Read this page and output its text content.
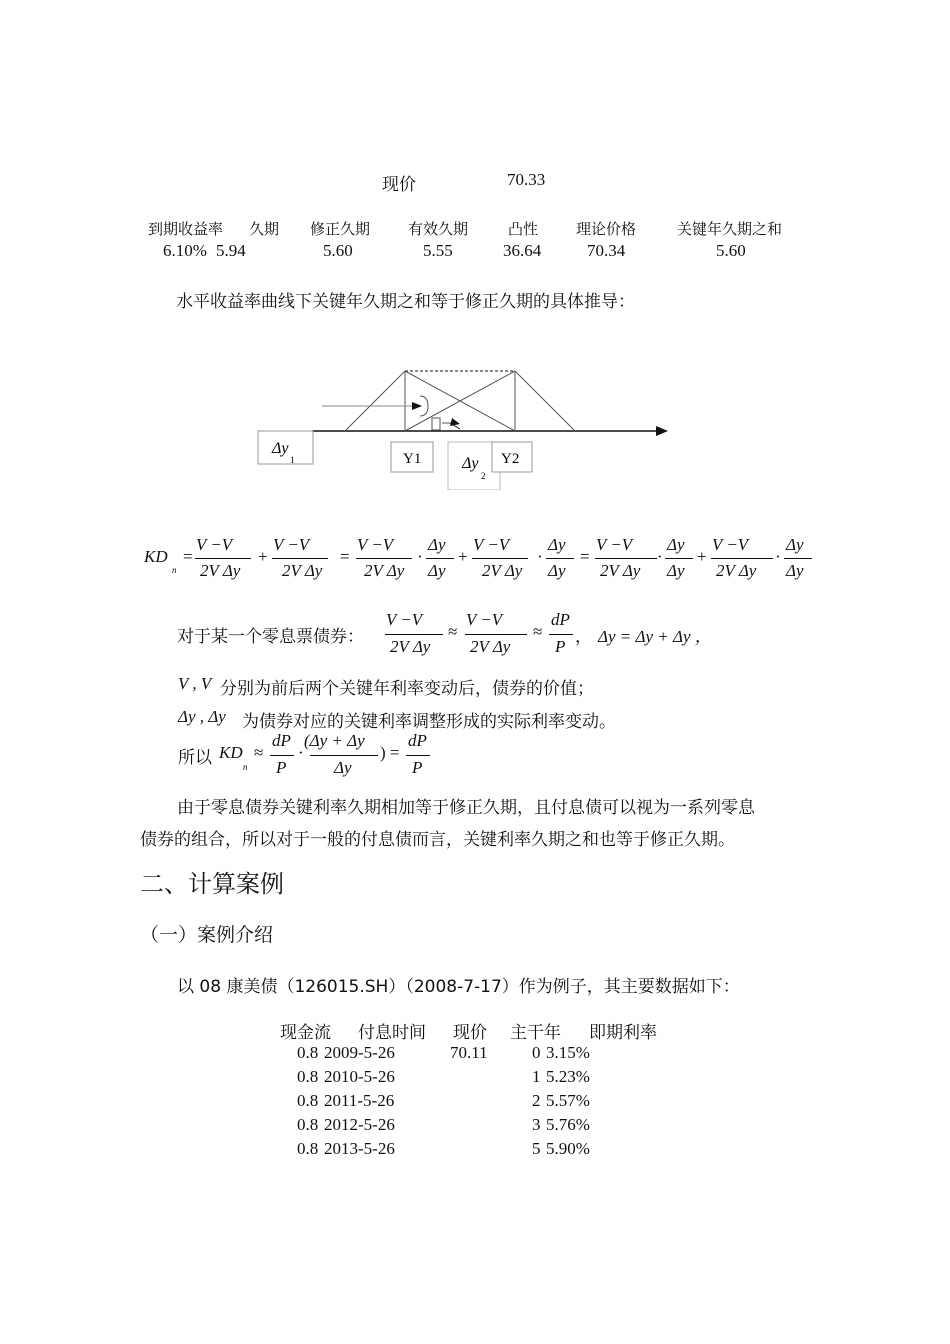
现价	70.33
到期收益率 久期 修正久期	有效久期	凸性	理论价格	关键年久期之和
6.10% 5.94	5.60	5.55	36.64	70.34	5.60
水平收益率曲线下关键年久期之和等于修正久期的具体推导：
Δy
1	Y1	Δy
2
Y2
KD
n
=
V −V
2V Δy
+
V −V
2V Δy
=
V −V
2V Δy
·
Δy
Δy
+
V −V
2V Δy
·
Δy
Δy
=
V −V
2V Δy
·
Δy
Δy
+
V −V
2V Δy
·
Δy
Δy
对于某一个零息票债券：
V −V
2V Δy
≈
V −V
2V Δy
≈
dP
P ， Δy = Δy + Δy ，
V , V 分别为前后两个关键年利率变动后，债券的价值；
Δy , Δy 为债券对应的关键利率调整形成的实际利率变动。
所以 KD
n
≈
dP
P
·
(Δy + Δy
Δy
) =
dP
P
由于零息债券关键利率久期相加等于修正久期，且付息债可以视为一系列零息
债券的组合，所以对于一般的付息债而言，关键利率久期之和也等于修正久期。
二、计算案例
（一）案例介绍
以 08 康美债（126015.SH）（2008-7-17）作为例子，其主要数据如下：
现金流 付息时间 现价 主干年 即期利率
0.8 2009-5-26	70.11	0 3.15%
0.8 2010-5-26	1 5.23%
0.8 2011-5-26	2 5.57%
0.8 2012-5-26	3 5.76%
0.8 2013-5-26	5 5.90%
